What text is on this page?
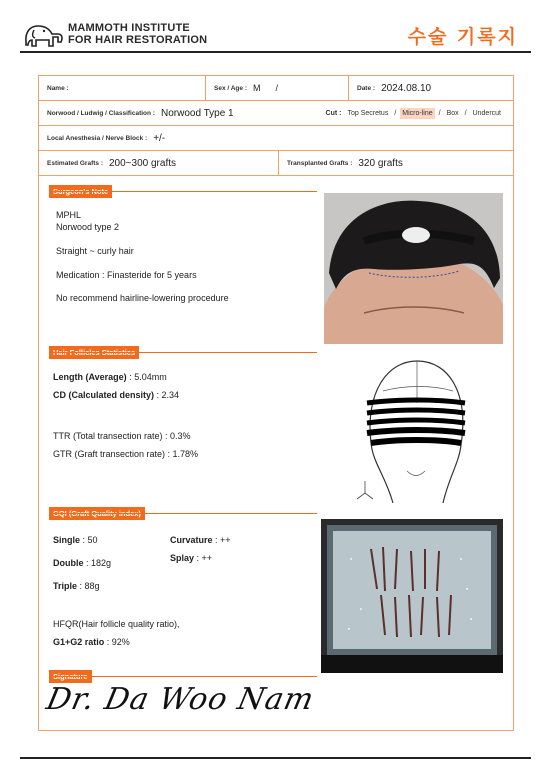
MAMMOTH INSTITUTE
FOR HAIR RESTORATION	수술 기록지
Name :	Sex / Age : M      /	Date : 2024.08.10
Norwood / Ludwig / Classification : Norwood Type 1	Cut : Top Secretus / Micro-line / Box / Undercut
Local Anesthesia / Nerve Block : +/-
Estimated Grafts : 200~300 grafts	Transplanted Grafts : 320 grafts
MPHL
Norwood type 2
Straight ~ curly hair
Medication : Finasteride for 5 years
No recommend hairline-lowering procedure
Length (Average) : 5.04mm
CD (Calculated density) : 2.34
TTR (Total transection rate) : 0.3%
GTR (Graft transection rate) : 1.78%
Single : 50
Double : 182g
Triple : 88g
Curvature : ++
Splay : ++
HFQR(Hair follicle quality ratio),
G1+G2 ratio : 92%
Dr. Da Woo Nam
